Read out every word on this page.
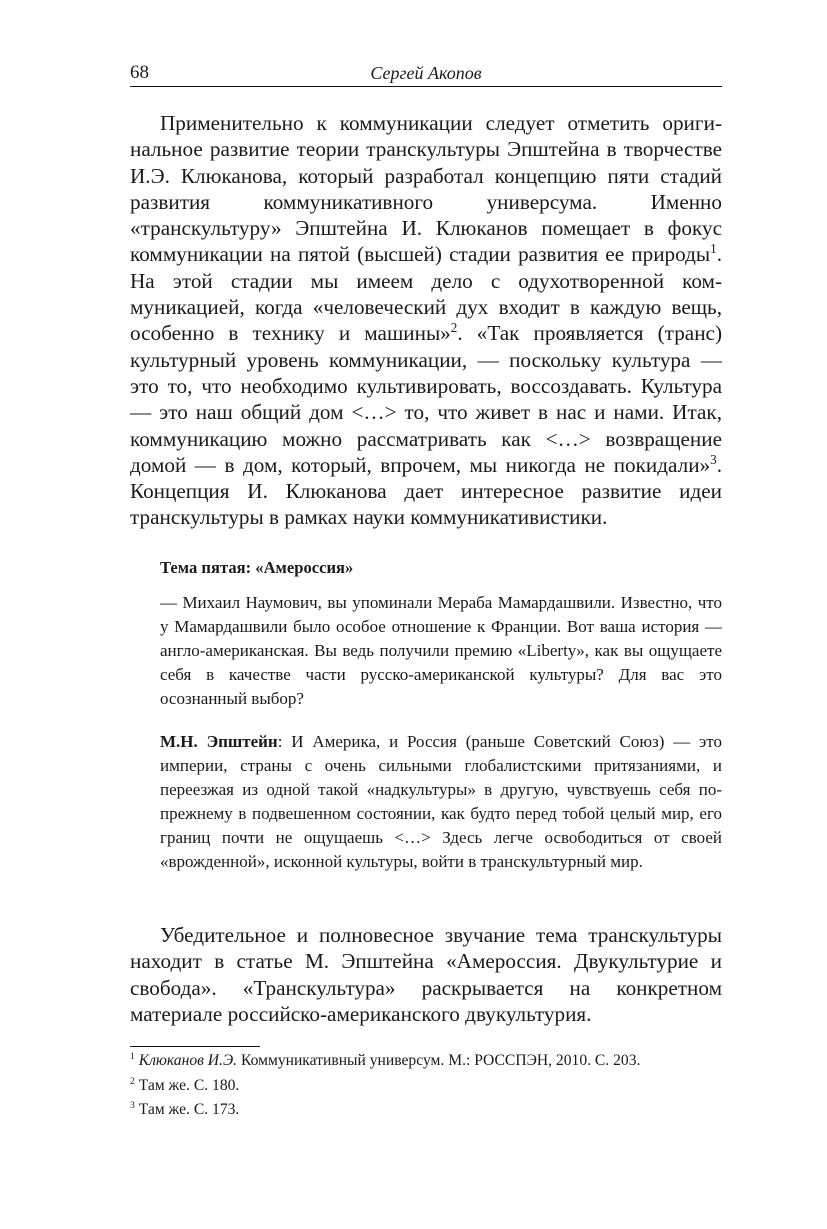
68	Сергей Акопов

Применительно к коммуникации следует отметить оригинальное развитие теории транскультуры Эпштейна в творчестве И.Э. Клюканова, который разработал концепцию пяти стадий развития коммуникативного универсума. Именно «транскультуру» Эпштейна И. Клюканов помещает в фокус коммуникации на пятой (высшей) стадии развития ее природы$^1$. На этой стадии мы имеем дело с одухотворенной коммуникацией, когда «человеческий дух входит в каждую вещь, особенно в технику и машины»$^2$. «Так проявляется (транс) культурный уровень коммуникации, — поскольку культура — это то, что необходимо культивировать, воссоздавать. Культура — это наш общий дом <…> то, что живет в нас и нами. Итак, коммуникацию можно рассматривать как <…> возвращение домой — в дом, который, впрочем, мы никогда не покидали»$^3$. Концепция И. Клюканова дает интересное развитие идеи транскультуры в рамках науки коммуникативистики.

Тема пятая: «Амероссия»

— Михаил Наумович, вы упоминали Мераба Мамардашвили. Известно, что у Мамардашвили было особое отношение к Франции. Вот ваша история — англо-американская. Вы ведь получили премию «Liberty», как вы ощущаете себя в качестве части русско-американской культуры? Для вас это осознанный выбор?

М.Н. Эпштейн: И Америка, и Россия (раньше Советский Союз) — это империи, страны с очень сильными глобалистскими притязаниями, и переезжая из одной такой «надкультуры» в другую, чувствуешь себя по-прежнему в подвешенном состоянии, как будто перед тобой целый мир, его границ почти не ощущаешь <…> Здесь легче освободиться от своей «врожденной», исконной культуры, войти в транскультурный мир.

Убедительное и полновесное звучание тема транскультуры находит в статье М. Эпштейна «Амероссия. Двукультурие и свобода». «Транскультура» раскрывается на конкретном материале российско-американского двукультурия.

$^1$ Клюканов И.Э. Коммуникативный универсум. М.: РОССПЭН, 2010. С. 203.

$^2$ Там же. С. 180.

$^3$ Там же. С. 173.
